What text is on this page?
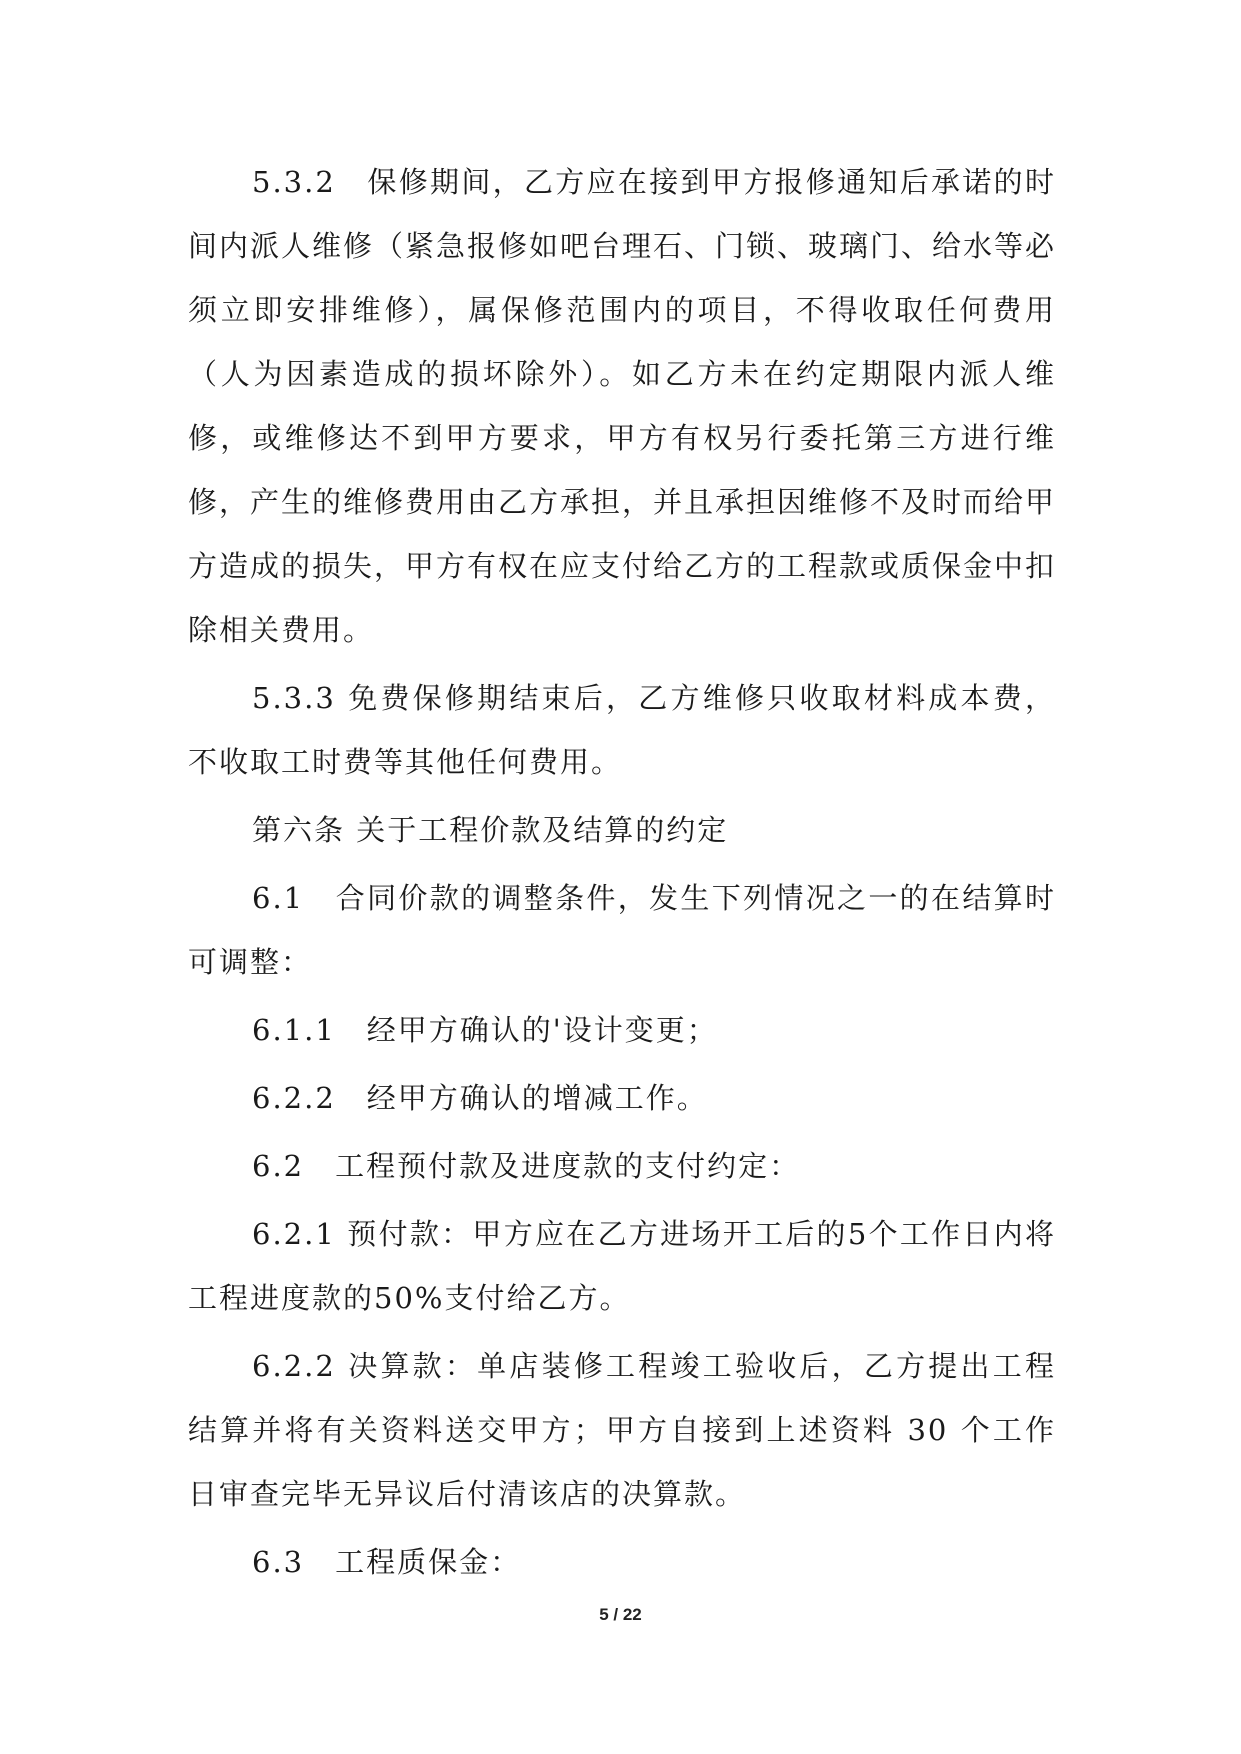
5.3.2　保修期间，乙方应在接到甲方报修通知后承诺的时间内派人维修（紧急报修如吧台理石、门锁、玻璃门、给水等必须立即安排维修），属保修范围内的项目，不得收取任何费用（人为因素造成的损坏除外）。如乙方未在约定期限内派人维修，或维修达不到甲方要求，甲方有权另行委托第三方进行维修，产生的维修费用由乙方承担，并且承担因维修不及时而给甲方造成的损失，甲方有权在应支付给乙方的工程款或质保金中扣除相关费用。

5.3.3 免费保修期结束后，乙方维修只收取材料成本费，不收取工时费等其他任何费用。

第六条 关于工程价款及结算的约定

6.1　合同价款的调整条件，发生下列情况之一的在结算时可调整：

6.1.1　经甲方确认的'设计变更；

6.2.2　经甲方确认的增减工作。

6.2　工程预付款及进度款的支付约定：

6.2.1 预付款：甲方应在乙方进场开工后的5个工作日内将工程进度款的50%支付给乙方。

6.2.2 决算款：单店装修工程竣工验收后，乙方提出工程结算并将有关资料送交甲方；甲方自接到上述资料 30 个工作日审查完毕无异议后付清该店的决算款。

6.3　工程质保金：

5 / 22
